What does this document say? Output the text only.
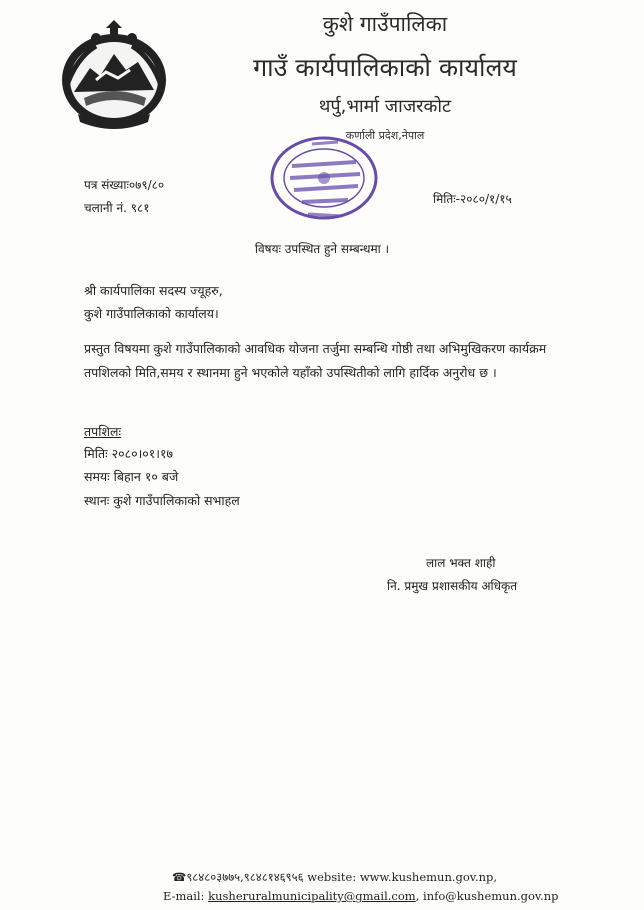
कुशे गाउँपालिका
गाउँ कार्यपालिकाको कार्यालय
थर्पु,भार्मा जाजरकोट
कर्णाली प्रदेश,नेपाल
पत्र संख्याः०७९/८०
चलानी नं. ९८१
मितिः-२०८०/१/१५
विषयः उपस्थित हुने सम्बन्धमा ।
श्री कार्यपालिका सदस्य ज्यूहरु,
कुशे गाउँपालिकाको कार्यालय।
प्रस्तुत विषयमा कुशे गाउँपालिकाको आवधिक योजना तर्जुमा सम्बन्धि गोष्ठी तथा अभिमुखिकरण कार्यक्रम तपशिलको मिति,समय र स्थानमा हुने भएकोले यहाँको उपस्थितीको लागि हार्दिक अनुरोध छ ।
तपशिलः
मितिः २०८०।०१।१७
समयः बिहान १० बजे
स्थानः कुशे गाउँपालिकाको सभाहल
लाल भक्त शाही
नि. प्रमुख प्रशासकीय अधिकृत
☎९८४८०३७७५,९८४८१४६९५६ website: www.kushemun.gov.np,
E-mail: kusheruralmunicipality@gmail.com, info@kushemun.gov.np
